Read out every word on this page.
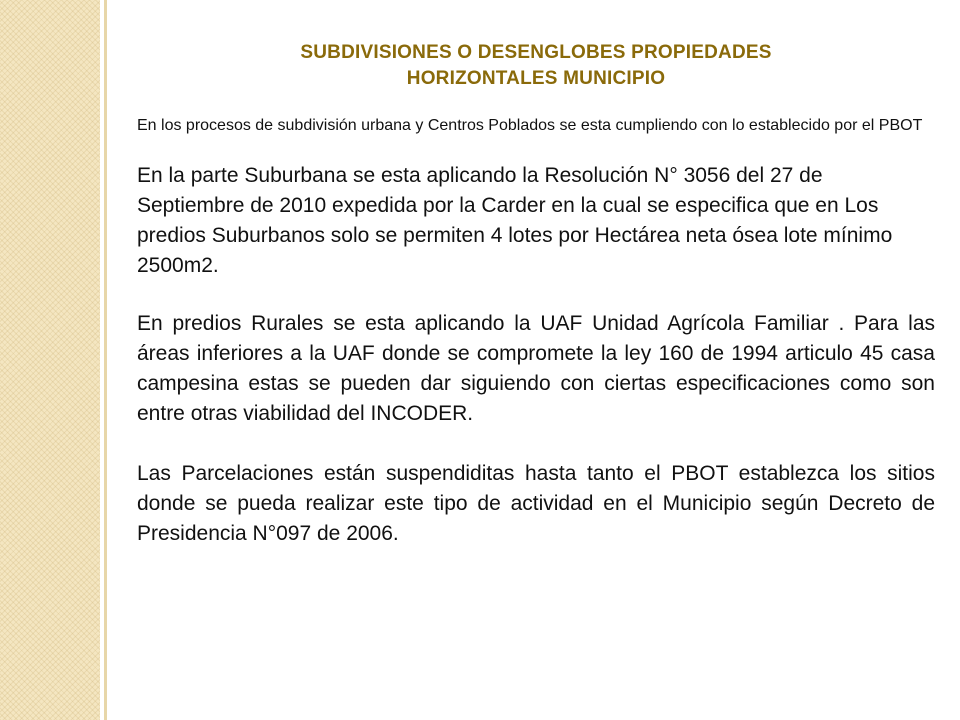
SUBDIVISIONES O DESENGLOBES PROPIEDADES
HORIZONTALES MUNICIPIO

En los procesos de subdivisión urbana y Centros Poblados se esta cumpliendo con lo establecido por el PBOT

En la parte Suburbana se esta aplicando la Resolución N° 3056 del 27 de Septiembre de 2010 expedida por la Carder en la cual se especifica que en Los predios Suburbanos solo se permiten 4 lotes por Hectárea neta ósea lote mínimo 2500m2.

En predios Rurales se esta aplicando la UAF Unidad Agrícola Familiar . Para las áreas inferiores a la UAF donde se compromete la ley 160 de 1994 articulo 45 casa campesina estas se pueden dar siguiendo con ciertas especificaciones como son entre otras viabilidad del INCODER.

Las Parcelaciones están suspendiditas hasta tanto el PBOT establezca los sitios donde se pueda realizar este tipo de actividad en el Municipio según Decreto de Presidencia N°097 de 2006.
